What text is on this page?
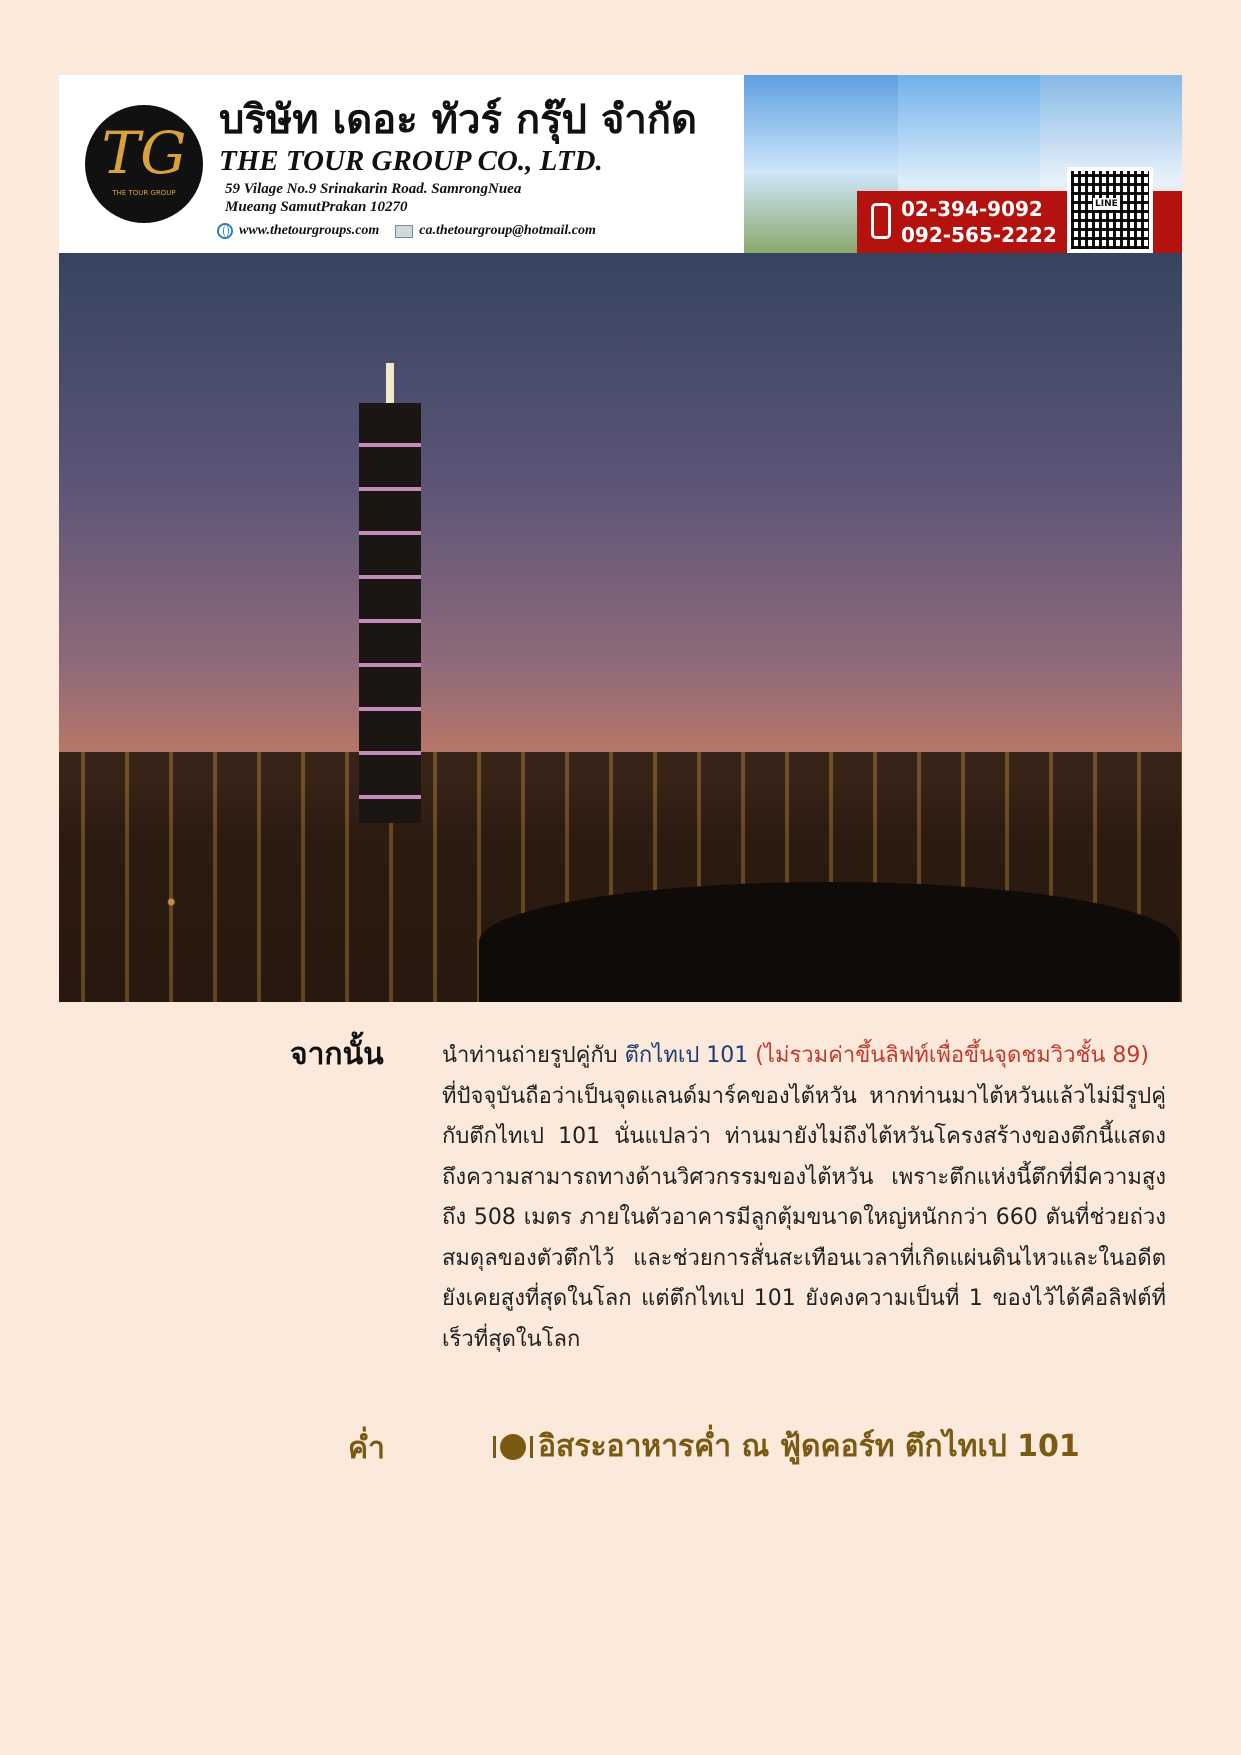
TG
THE TOUR GROUP
บริษัท เดอะ ทัวร์ กรุ๊ป จำกัด
THE TOUR GROUP CO., LTD.
59 Vilage No.9 Srinakarin Road. SamrongNuea
Mueang SamutPrakan 10270
www.thetourgroups.com	ca.thetourgroup@hotmail.com
02-394-9092
092-565-2222
LINE
จากนั้น	นำท่านถ่ายรูปคู่กับ ตึกไทเป 101 (ไม่รวมค่าขึ้นลิฟท์เพื่อขึ้นจุดชมวิวชั้น 89)

ที่ปัจจุบันถือว่าเป็นจุดแลนด์มาร์คของไต้หวัน หากท่านมาไต้หวันแล้วไม่มีรูปคู่กับตึกไทเป 101 นั่นแปลว่า ท่านมายังไม่ถึงไต้หวันโครงสร้างของตึกนี้แสดงถึงความสามารถทางด้านวิศวกรรมของไต้หวัน เพราะตึกแห่งนี้ตึกที่มีความสูงถึง 508 เมตร ภายในตัวอาคารมีลูกตุ้มขนาดใหญ่หนักกว่า 660 ตันที่ช่วยถ่วงสมดุลของตัวตึกไว้ และช่วยการสั่นสะเทือนเวลาที่เกิดแผ่นดินไหวและในอดีตยังเคยสูงที่สุดในโลก แต่ตึกไทเป 101 ยังคงความเป็นที่ 1 ของไว้ได้คือลิฟต์ที่เร็วที่สุดในโลก

ค่ำ	อิสระอาหารค่ำ ณ ฟู้ดคอร์ท ตึกไทเป 101
